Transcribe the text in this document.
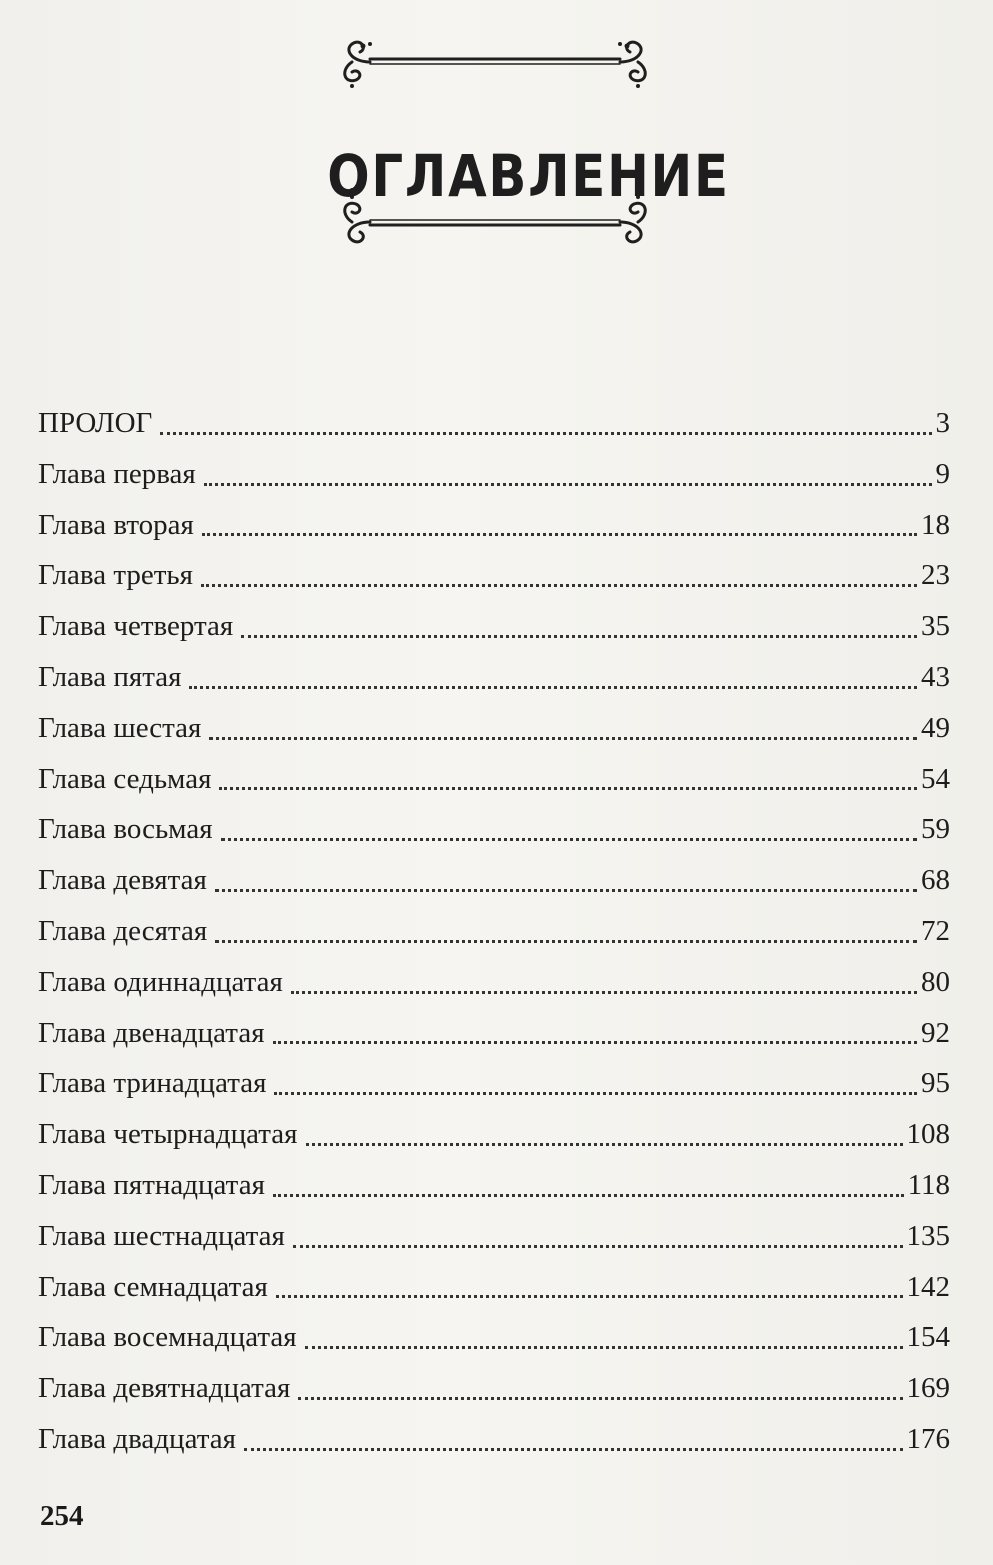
ОГЛАВЛЕНИЕ
ПРОЛОГ	3
Глава первая	9
Глава вторая	18
Глава третья	23
Глава четвертая	35
Глава пятая	43
Глава шестая	49
Глава седьмая	54
Глава восьмая	59
Глава девятая	68
Глава десятая	72
Глава одиннадцатая	80
Глава двенадцатая	92
Глава тринадцатая	95
Глава четырнадцатая	108
Глава пятнадцатая	118
Глава шестнадцатая	135
Глава семнадцатая	142
Глава восемнадцатая	154
Глава девятнадцатая	169
Глава двадцатая	176
254
